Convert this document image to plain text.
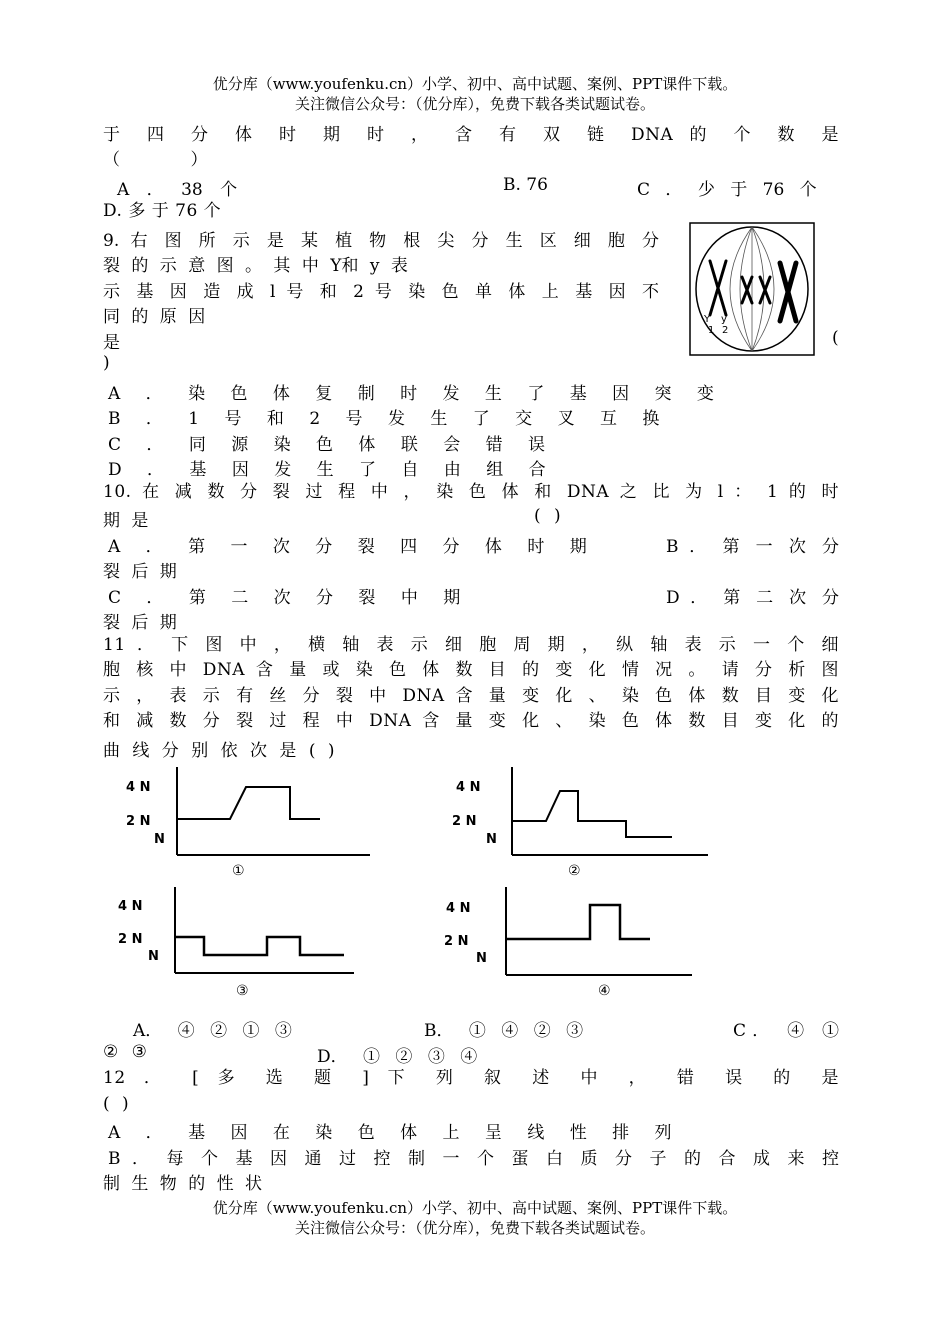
优分库（www.youfenku.cn）小学、初中、高中试题、案例、PPT课件下载。
关注微信公众号：（优分库），免费下载各类试题试卷。
于 四 分 体 时 期 时 ， 含 有 双 链 DNA 的 个 数 是
（　　　　）
A ． 38 个	B. 76	C ． 少 于 76 个
D. 多 于 76 个
9. 右 图 所 示 是 某 植 物 根 尖 分 生 区 细 胞 分
裂 的 示 意 图 。 其 中 Y和 y 表
示 基 因 造 成 l 号 和 2 号 染 色 单 体 上 基 因 不
同 的 原 因
是	(
)
Y y
1 2
A ． 染 色 体 复 制 时 发 生 了 基 因 突 变
B ． 1 号 和 2 号 发 生 了 交 叉 互 换
C ． 同 源 染 色 体 联 会 错 误
D ． 基 因 发 生 了 自 由 组 合
10. 在 减 数 分 裂 过 程 中 ， 染 色 体 和 DNA 之 比 为 l ： 1 的 时
期 是	( )
A ． 第 一 次 分 裂 四 分 体 时 期	B ． 第 一 次 分
裂 后 期
C ． 第 二 次 分 裂 中 期	D ． 第 二 次 分
裂 后 期
11 ． 下 图 中 ， 横 轴 表 示 细 胞 周 期 ， 纵 轴 表 示 一 个 细
胞 核 中 DNA 含 量 或 染 色 体 数 目 的 变 化 情 况 。 请 分 析 图
示 ， 表 示 有 丝 分 裂 中 DNA 含 量 变 化 、 染 色 体 数 目 变 化
和 减 数 分 裂 过 程 中 DNA 含 量 变 化 、 染 色 体 数 目 变 化 的
曲 线 分 别 依 次 是 ( )
4 N
2 N
N
①
4 N
2 N
N
②
4 N
2 N
N
③
4 N
2 N
N
④
A． ④ ② ① ③	B． ① ④ ② ③	C． ④ ①
② ③	D． ① ② ③ ④
12 ． [ 多 选 题 ] 下 列 叙 述 中 ， 错 误 的 是
( )
A ． 基 因 在 染 色 体 上 呈 线 性 排 列
B ． 每 个 基 因 通 过 控 制 一 个 蛋 白 质 分 子 的 合 成 来 控
制 生 物 的 性 状
优分库（www.youfenku.cn）小学、初中、高中试题、案例、PPT课件下载。
关注微信公众号：（优分库），免费下载各类试题试卷。
